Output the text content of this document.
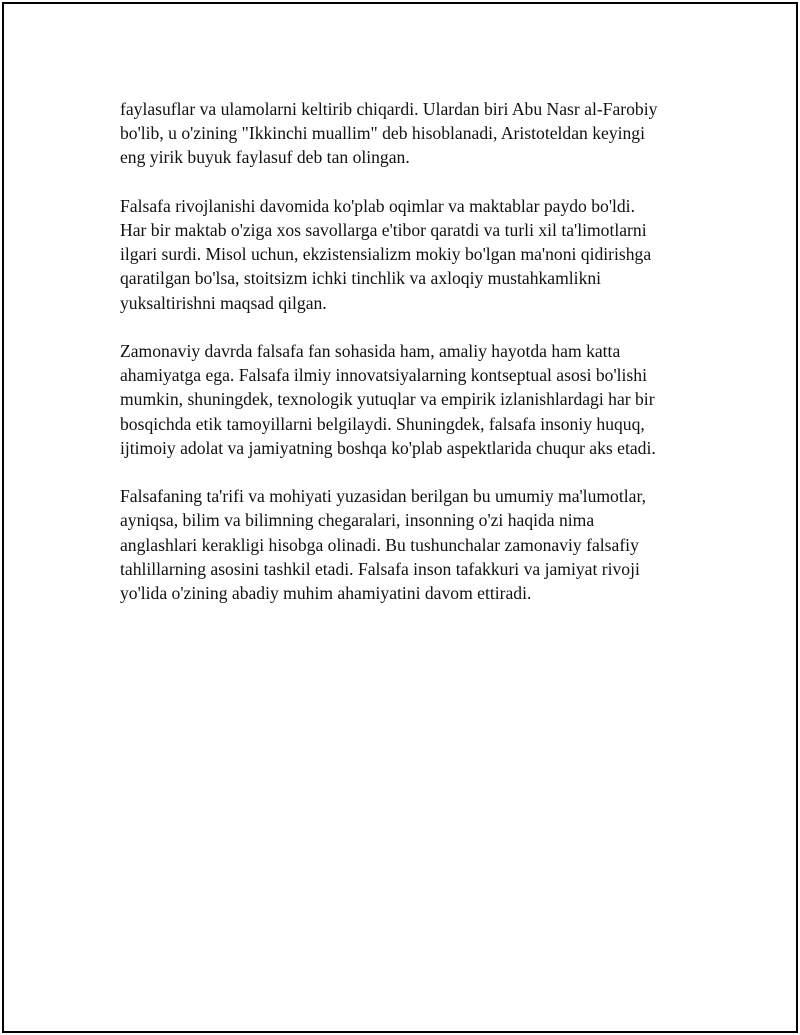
faylasuflar va ulamolarni keltirib chiqardi. Ulardan biri Abu Nasr al-Farobiy
bo'lib, u o'zining "Ikkinchi muallim" deb hisoblanadi, Aristoteldan keyingi
eng yirik buyuk faylasuf deb tan olingan.

Falsafa rivojlanishi davomida ko'plab oqimlar va maktablar paydo bo'ldi.
Har bir maktab o'ziga xos savollarga e'tibor qaratdi va turli xil ta'limotlarni
ilgari surdi. Misol uchun, ekzistensializm mokiy bo'lgan ma'noni qidirishga
qaratilgan bo'lsa, stoitsizm ichki tinchlik va axloqiy mustahkamlikni
yuksaltirishni maqsad qilgan.

Zamonaviy davrda falsafa fan sohasida ham, amaliy hayotda ham katta
ahamiyatga ega. Falsafa ilmiy innovatsiyalarning kontseptual asosi bo'lishi
mumkin, shuningdek, texnologik yutuqlar va empirik izlanishlardagi har bir
bosqichda etik tamoyillarni belgilaydi. Shuningdek, falsafa insoniy huquq,
ijtimoiy adolat va jamiyatning boshqa ko'plab aspektlarida chuqur aks etadi.

Falsafaning ta'rifi va mohiyati yuzasidan berilgan bu umumiy ma'lumotlar,
ayniqsa, bilim va bilimning chegaralari, insonning o'zi haqida nima
anglashlari kerakligi hisobga olinadi. Bu tushunchalar zamonaviy falsafiy
tahlillarning asosini tashkil etadi. Falsafa inson tafakkuri va jamiyat rivoji
yo'lida o'zining abadiy muhim ahamiyatini davom ettiradi.
